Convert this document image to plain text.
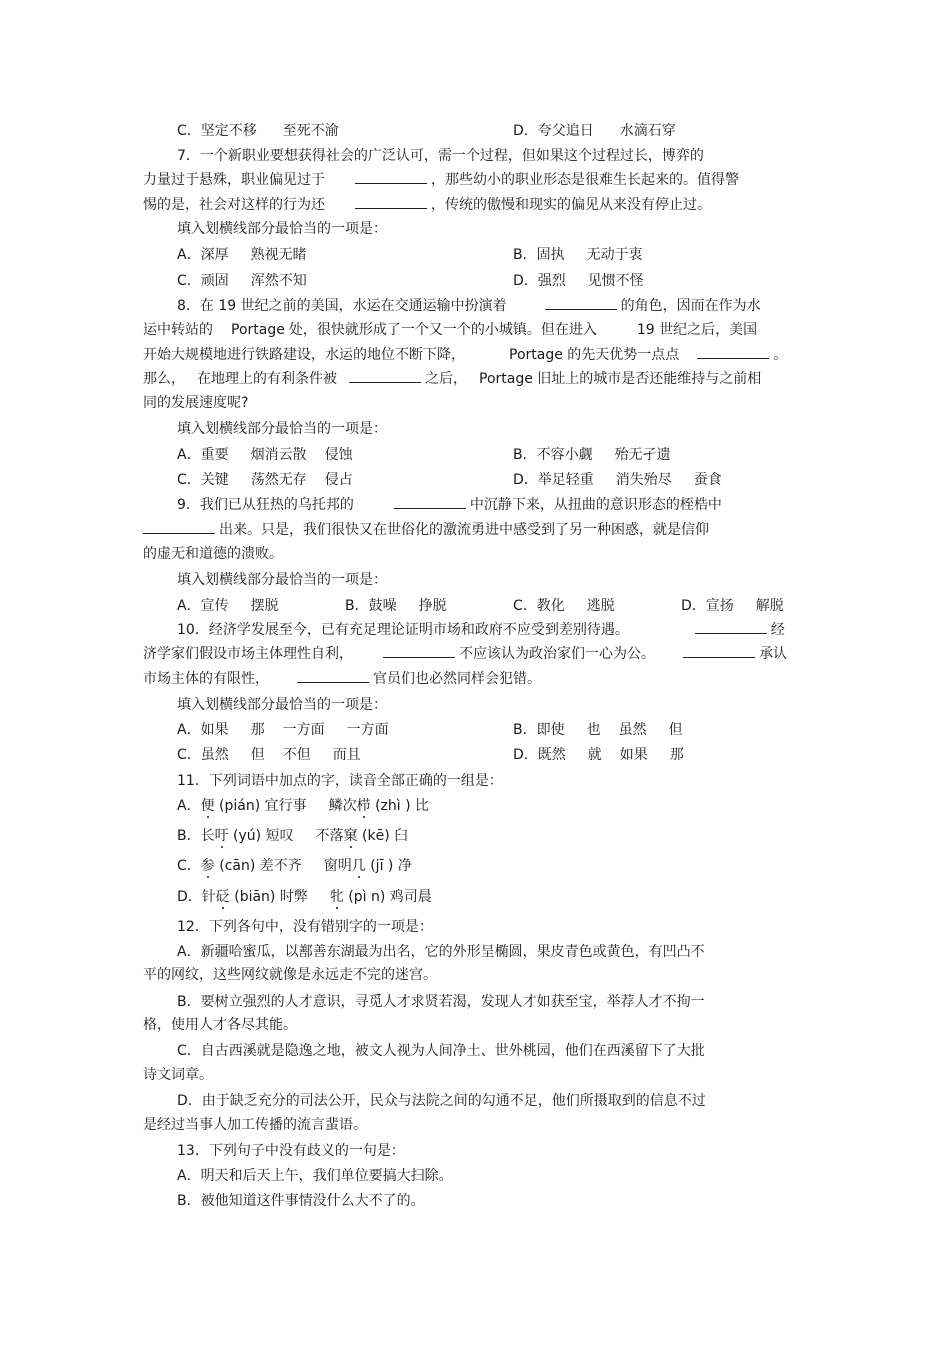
C．坚定不移 至死不渝	D．夸父追日 水滴石穿
7．一个新职业要想获得社会的广泛认可，需一个过程，但如果这个过程过长，博弈的
力量过于悬殊，职业偏见过于	，那些幼小的职业形态是很难生长起来的。值得警
惕的是，社会对这样的行为还	，传统的傲慢和现实的偏见从来没有停止过。
填入划横线部分最恰当的一项是：
A．深厚 熟视无睹	B．固执 无动于衷
C．顽固 浑然不知	D．强烈 见惯不怪
8．在 19 世纪之前的美国，水运在交通运输中扮演着	的角色，因而在作为水
运中转站的 Portage 处，很快就形成了一个又一个的小城镇。但在进入	19 世纪之后，美国
开始大规模地进行铁路建设，水运的地位不断下降，	Portage 的先天优势一点点	。
那么， 在地理上的有利条件被	之后， Portage 旧址上的城市是否还能维持与之前相
同的发展速度呢?
填入划横线部分最恰当的一项是：
A．重要 烟消云散 侵蚀	B．不容小觑 殆无孑遗
C．关键 荡然无存 侵占	D．举足轻重 消失殆尽 蚕食
9．我们已从狂热的乌托邦的	中沉静下来，从扭曲的意识形态的桎梏中
出来。只是，我们很快又在世俗化的激流勇进中感受到了另一种困惑，就是信仰
的虚无和道德的溃败。
填入划横线部分最恰当的一项是：
A．宣传 摆脱	B．鼓噪 挣脱	C．教化 逃脱	D．宣扬 解脱
10．经济学发展至今，已有充足理论证明市场和政府不应受到差别待遇。	经
济学家们假设市场主体理性自利，	不应该认为政治家们一心为公。	承认
市场主体的有限性，	官员们也必然同样会犯错。
填入划横线部分最恰当的一项是：
A．如果 那 一方面 一方面	B．即使 也 虽然 但
C．虽然 但 不但 而且	D．既然 就 如果 那
11．下列词语中加点的字，读音全部正确的一组是：
A．便 (pián) 宜行事 鳞次栉 (zhì ) 比
B．长吁 (yú) 短叹 不落窠 (kē) 臼
C．参 (cān) 差不齐 窗明几 (jī ) 净
D．针砭 (biān) 时弊 牝 (pì n) 鸡司晨
12．下列各句中，没有错别字的一项是：
A．新疆哈蜜瓜，以鄯善东湖最为出名，它的外形呈椭圆，果皮青色或黄色，有凹凸不
平的网纹，这些网纹就像是永远走不完的迷宫。
B．要树立强烈的人才意识，寻觅人才求贤若渴，发现人才如获至宝，举荐人才不拘一
格，使用人才各尽其能。
C．自古西溪就是隐逸之地，被文人视为人间净土、世外桃园，他们在西溪留下了大批
诗文词章。
D．由于缺乏充分的司法公开，民众与法院之间的勾通不足，他们所摄取到的信息不过
是经过当事人加工传播的流言蜚语。
13．下列句子中没有歧义的一句是：
A．明天和后天上午，我们单位要搞大扫除。
B．被他知道这件事情没什么大不了的。
